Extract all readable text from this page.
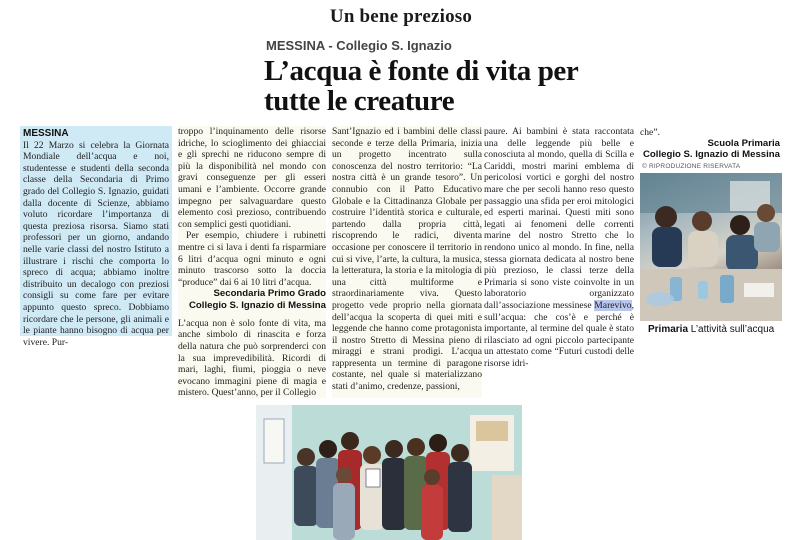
Un bene prezioso
MESSINA - Collegio S. Ignazio
L’acqua è fonte di vita per tutte le creature
MESSINA

Il 22 Marzo si celebra la Giornata Mondiale dell’acqua e noi, studentesse e studenti della seconda classe della Secondaria di Primo grado del Collegio S. Ignazio, guidati dalla docente di Scienze, abbiamo voluto ricordare l’importanza di questa preziosa risorsa. Siamo stati professori per un giorno, andando nelle varie classi del nostro Istituto a illustrare i rischi che comporta lo spreco di acqua; abbiamo inoltre distribuito un decalogo con preziosi consigli su come fare per evitare appunto questo spreco. Dobbiamo ricordare che le persone, gli animali e le piante hanno bisogno di acqua per vivere. Pur-

troppo l’inquinamento delle risorse idriche, lo scioglimento dei ghiacciai e gli sprechi ne riducono sempre di più la disponibilità nel mondo con gravi conseguenze per gli esseri umani e l’ambiente. Occorre grande impegno per salvaguardare questo elemento così prezioso, contribuendo con semplici gesti quotidiani.

Per esempio, chiudere i rubinetti mentre ci si lava i denti fa risparmiare 6 litri d’acqua ogni minuto e ogni minuto trascorso sotto la doccia “produce” dai 6 ai 10 litri d’acqua.

Secondaria Primo Grado
Collegio S. Ignazio di Messina

L’acqua non è solo fonte di vita, ma anche simbolo di rinascita e forza della natura che può sorprenderci con la sua imprevedibilità. Ricordi di mari, laghi, fiumi, pioggia o neve evocano immagini piene di magia e mistero. Quest’anno, per il Collegio

Sant’Ignazio ed i bambini delle classi seconde e terze della Primaria, inizia un progetto incentrato sulla conoscenza del nostro territorio: “La nostra città è un grande tesoro”. Un connubio con il Patto Educativo Globale e la Cittadinanza Globale per costruire l’identità storica e culturale, partendo dalla propria città, riscoprendo le radici, diventa occasione per conoscere il territorio in cui si vive, l’arte, la cultura, la musica, la letteratura, la storia e la mitologia di una città multiforme e straordinariamente viva. Questo progetto vede proprio nella giornata dell’acqua la scoperta di quei miti e leggende che hanno come protagonista il nostro Stretto di Messina pieno di miraggi e strani prodigi. L’acqua rappresenta un termine di paragone costante, nel quale si materializzano stati d’animo, credenze, passioni,

paure. Ai bambini è stata raccontata una delle leggende più belle e conosciuta al mondo, quella di Scilla e Cariddi, mostri marini emblema di pericolosi vortici e gorghi del nostro mare che per secoli hanno reso questo passaggio una sfida per eroi mitologici ed esperti marinai. Questi miti sono legati ai fenomeni delle correnti marine del nostro Stretto che lo rendono unico al mondo. In fine, nella stessa giornata dedicata al nostro bene più prezioso, le classi terze della Primaria si sono viste coinvolte in un laboratorio organizzato dall’associazione messinese Marevivo, sull’acqua: che cos’è e perché è importante, al termine del quale è stato rilasciato ad ogni piccolo partecipante un attestato come “Futuri custodi delle risorse idri-

che”.
Scuola Primaria
Collegio S. Ignazio di Messina
© RIPRODUZIONE RISERVATA
Primaria L’attività sull’acqua
